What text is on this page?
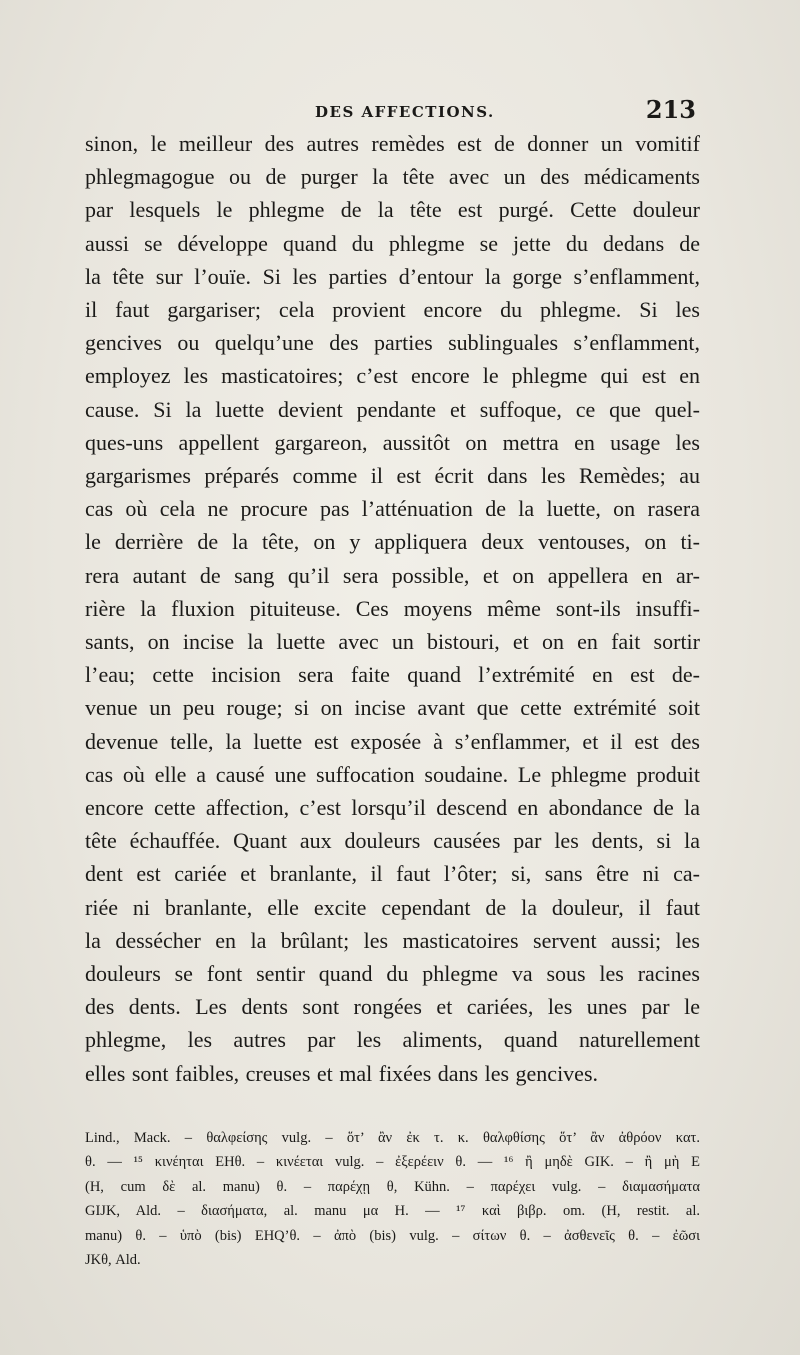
DES AFFECTIONS.	213
sinon, le meilleur des autres remèdes est de donner un vomitif
phlegmagogue ou de purger la tête avec un des médicaments
par lesquels le phlegme de la tête est purgé. Cette douleur
aussi se développe quand du phlegme se jette du dedans de
la tête sur l’ouïe. Si les parties d’entour la gorge s’enflamment,
il faut gargariser; cela provient encore du phlegme. Si les
gencives ou quelqu’une des parties sublinguales s’enflamment,
employez les masticatoires; c’est encore le phlegme qui est en
cause. Si la luette devient pendante et suffoque, ce que quel-
ques-uns appellent gargareon, aussitôt on mettra en usage les
gargarismes préparés comme il est écrit dans les Remèdes; au
cas où cela ne procure pas l’atténuation de la luette, on rasera
le derrière de la tête, on y appliquera deux ventouses, on ti-
rera autant de sang qu’il sera possible, et on appellera en ar-
rière la fluxion pituiteuse. Ces moyens même sont-ils insuffi-
sants, on incise la luette avec un bistouri, et on en fait sortir
l’eau; cette incision sera faite quand l’extrémité en est de-
venue un peu rouge; si on incise avant que cette extrémité soit
devenue telle, la luette est exposée à s’enflammer, et il est des
cas où elle a causé une suffocation soudaine. Le phlegme produit
encore cette affection, c’est lorsqu’il descend en abondance de la
tête échauffée. Quant aux douleurs causées par les dents, si la
dent est cariée et branlante, il faut l’ôter; si, sans être ni ca-
riée ni branlante, elle excite cependant de la douleur, il faut
la dessécher en la brûlant; les masticatoires servent aussi; les
douleurs se font sentir quand du phlegme va sous les racines
des dents. Les dents sont rongées et cariées, les unes par le
phlegme, les autres par les aliments, quand naturellement
elles sont faibles, creuses et mal fixées dans les gencives.
Lind., Mack. – θαλφείσης vulg. – ὅτ’ ἂν ἐκ τ. κ. θαλφθίσης ὅτ’ ἂν ἀθρόον κατ.
θ. — ¹⁵ κινέηται EHθ. – κινέεται vulg. – ἐξερέειν θ. — ¹⁶ ἢ μηδὲ GIK. – ἢ μὴ E
(H, cum δὲ al. manu) θ. – παρέχῃ θ, Kühn. – παρέχει vulg. – διαμασήματα
GIJK, Ald. – διασήματα, al. manu μα H. — ¹⁷ καὶ βιβρ. om. (H, restit. al.
manu) θ. – ὑπὸ (bis) EHQ’θ. – ἀπὸ (bis) vulg. – σίτων θ. – ἀσθενεῖς θ. – ἐῶσι
JKθ, Ald.
